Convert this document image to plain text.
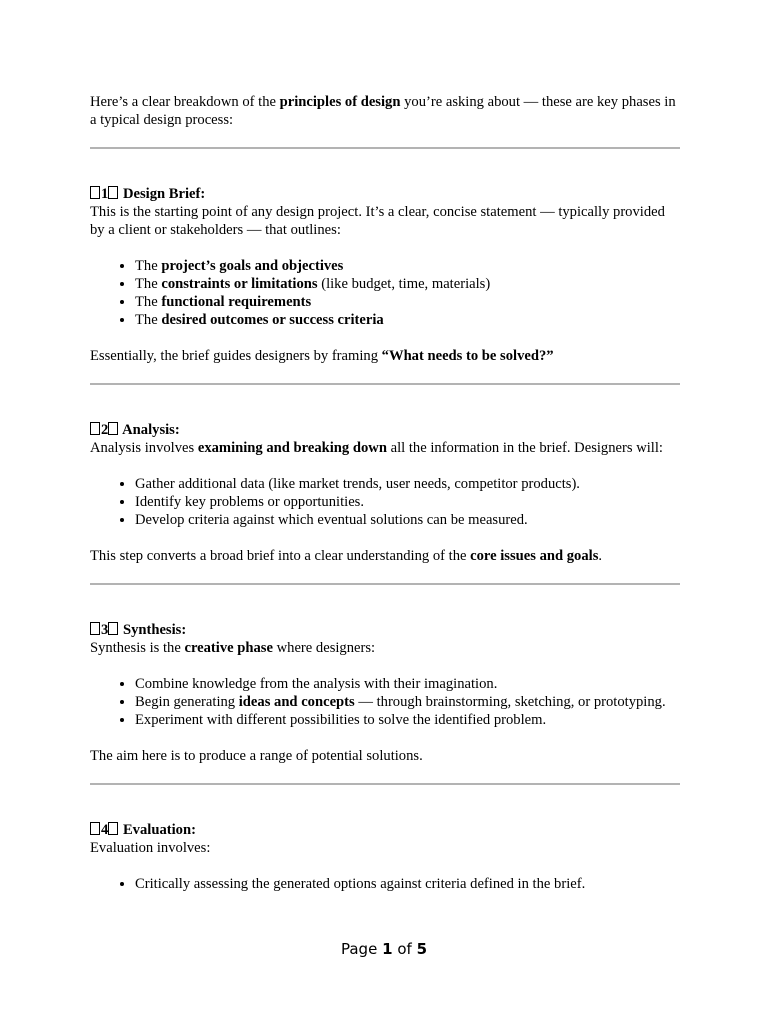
Here’s a clear breakdown of the principles of design you’re asking about — these are key phases in a typical design process:

1 Design Brief:

This is the starting point of any design project. It’s a clear, concise statement — typically provided by a client or stakeholders — that outlines:

• The project’s goals and objectives
• The constraints or limitations (like budget, time, materials)
• The functional requirements
• The desired outcomes or success criteria

Essentially, the brief guides designers by framing “What needs to be solved?”

2 Analysis:

Analysis involves examining and breaking down all the information in the brief. Designers will:

• Gather additional data (like market trends, user needs, competitor products).
• Identify key problems or opportunities.
• Develop criteria against which eventual solutions can be measured.

This step converts a broad brief into a clear understanding of the core issues and goals.

3 Synthesis:

Synthesis is the creative phase where designers:

• Combine knowledge from the analysis with their imagination.
• Begin generating ideas and concepts — through brainstorming, sketching, or prototyping.
• Experiment with different possibilities to solve the identified problem.

The aim here is to produce a range of potential solutions.

4 Evaluation:

Evaluation involves:

• Critically assessing the generated options against criteria defined in the brief.
Page 1 of 5
